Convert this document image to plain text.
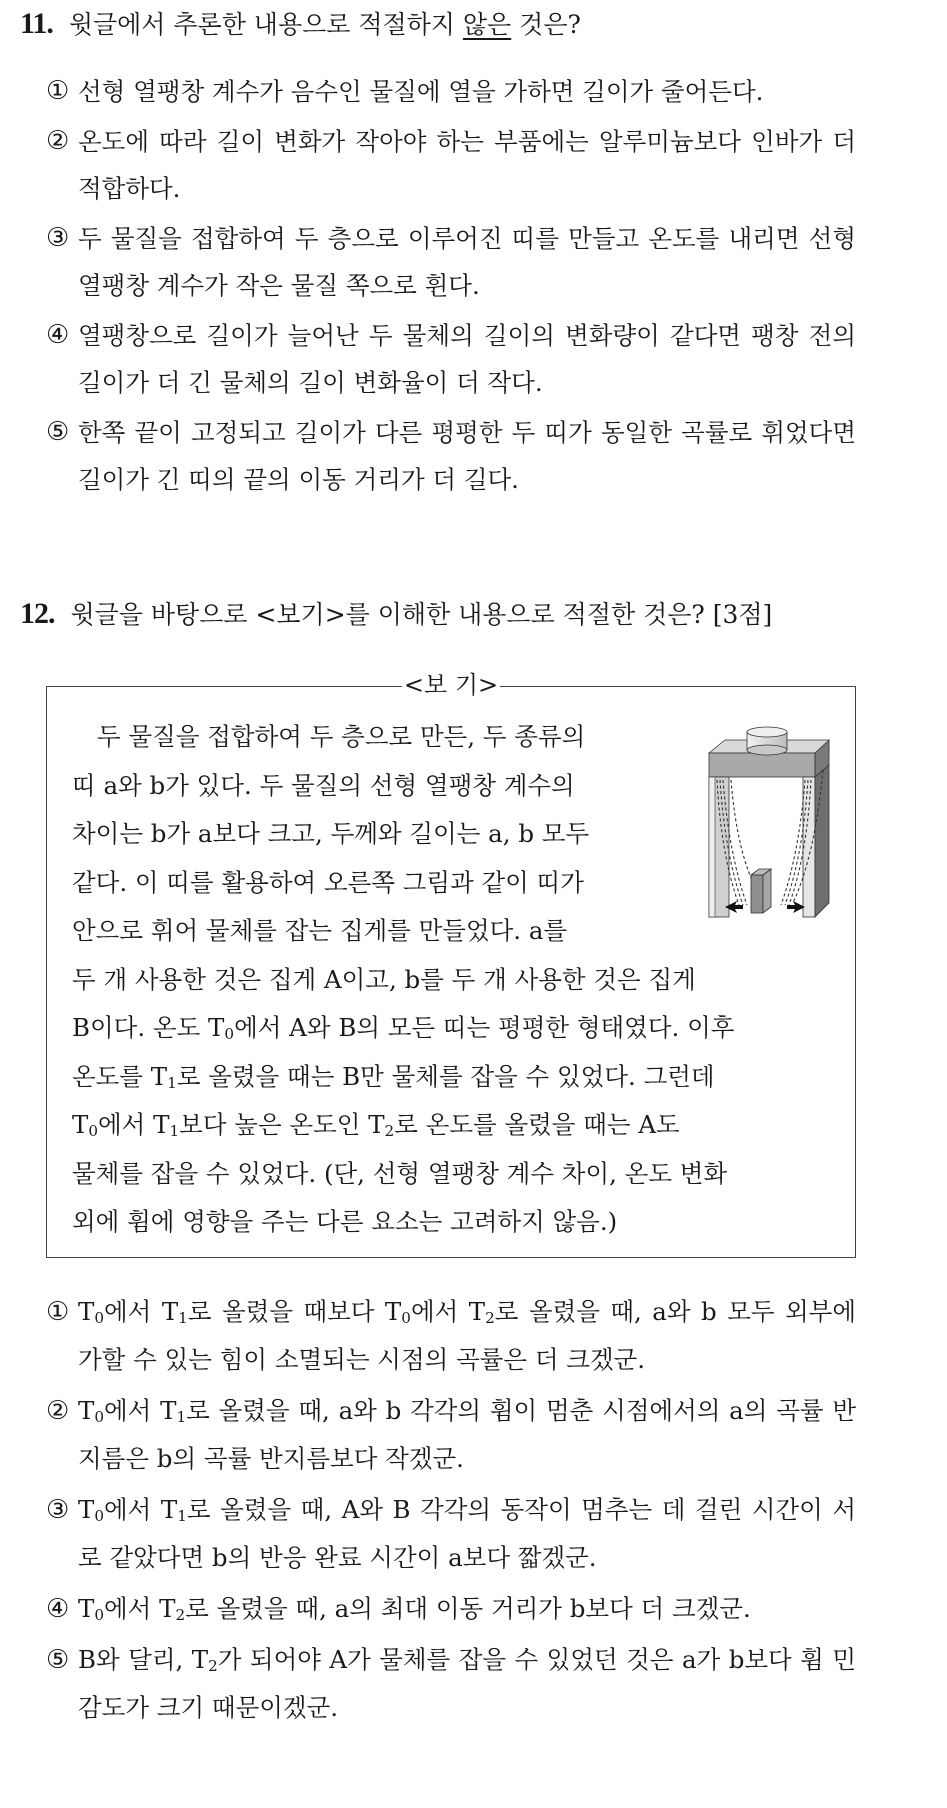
11. 윗글에서 추론한 내용으로 적절하지 않은 것은?
① 선형 열팽창 계수가 음수인 물질에 열을 가하면 길이가 줄어든다.
② 온도에 따라 길이 변화가 작아야 하는 부품에는 알루미늄보다 인바가 더 적합하다.
③ 두 물질을 접합하여 두 층으로 이루어진 띠를 만들고 온도를 내리면 선형 열팽창 계수가 작은 물질 쪽으로 휜다.
④ 열팽창으로 길이가 늘어난 두 물체의 길이의 변화량이 같다면 팽창 전의 길이가 더 긴 물체의 길이 변화율이 더 작다.
⑤ 한쪽 끝이 고정되고 길이가 다른 평평한 두 띠가 동일한 곡률로 휘었다면 길이가 긴 띠의 끝의 이동 거리가 더 길다.
12. 윗글을 바탕으로 <보기>를 이해한 내용으로 적절한 것은? [3점]
<보 기>

두 물질을 접합하여 두 층으로 만든, 두 종류의

띠 a와 b가 있다. 두 물질의 선형 열팽창 계수의

차이는 b가 a보다 크고, 두께와 길이는 a, b 모두

같다. 이 띠를 활용하여 오른쪽 그림과 같이 띠가

안으로 휘어 물체를 잡는 집게를 만들었다. a를

두 개 사용한 것은 집게 A이고, b를 두 개 사용한 것은 집게

B이다. 온도 $T_0$에서 A와 B의 모든 띠는 평평한 형태였다. 이후

온도를 $T_1$로 올렸을 때는 B만 물체를 잡을 수 있었다. 그런데

$T_0$에서 $T_1$보다 높은 온도인 $T_2$로 온도를 올렸을 때는 A도

물체를 잡을 수 있었다. (단, 선형 열팽창 계수 차이, 온도 변화

외에 휨에 영향을 주는 다른 요소는 고려하지 않음.)

① $T_0$에서 $T_1$로 올렸을 때보다 $T_0$에서 $T_2$로 올렸을 때, a와 b 모두 외부에 가할 수 있는 힘이 소멸되는 시점의 곡률은 더 크겠군.
② $T_0$에서 $T_1$로 올렸을 때, a와 b 각각의 휨이 멈춘 시점에서의 a의 곡률 반지름은 b의 곡률 반지름보다 작겠군.
③ $T_0$에서 $T_1$로 올렸을 때, A와 B 각각의 동작이 멈추는 데 걸린 시간이 서로 같았다면 b의 반응 완료 시간이 a보다 짧겠군.
④ $T_0$에서 $T_2$로 올렸을 때, a의 최대 이동 거리가 b보다 더 크겠군.
⑤ B와 달리, $T_2$가 되어야 A가 물체를 잡을 수 있었던 것은 a가 b보다 휨 민감도가 크기 때문이겠군.
